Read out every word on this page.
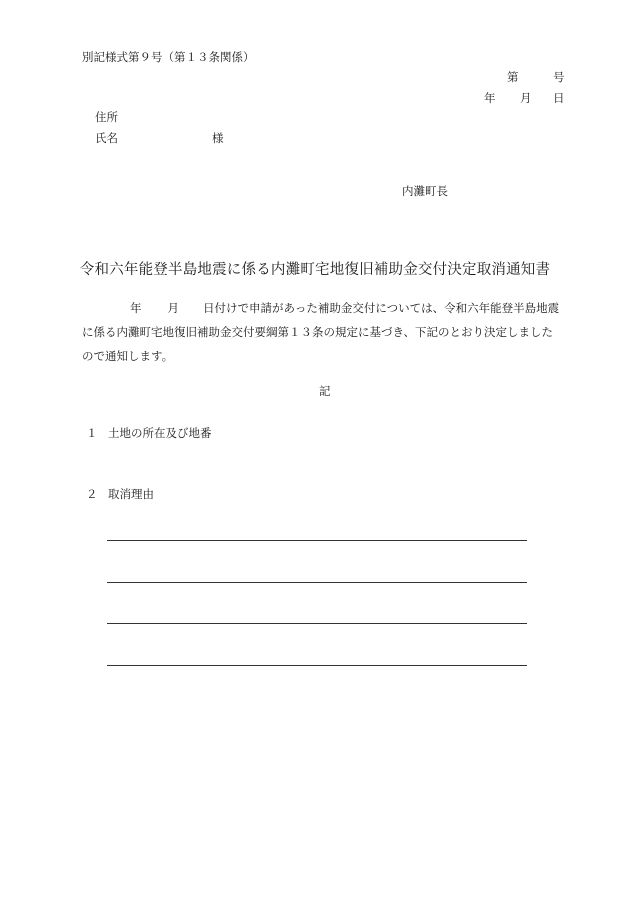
別記様式第９号（第１３条関係）
第	号
年 月 日
住所
氏名	様
内灘町長
令和六年能登半島地震に係る内灘町宅地復旧補助金交付決定取消通知書
年 月 日付けで申請があった補助金交付については、令和六年能登半島地震
に係る内灘町宅地復旧補助金交付要綱第１３条の規定に基づき、下記のとおり決定しました
ので通知します。
記
１ 土地の所在及び地番
２ 取消理由
